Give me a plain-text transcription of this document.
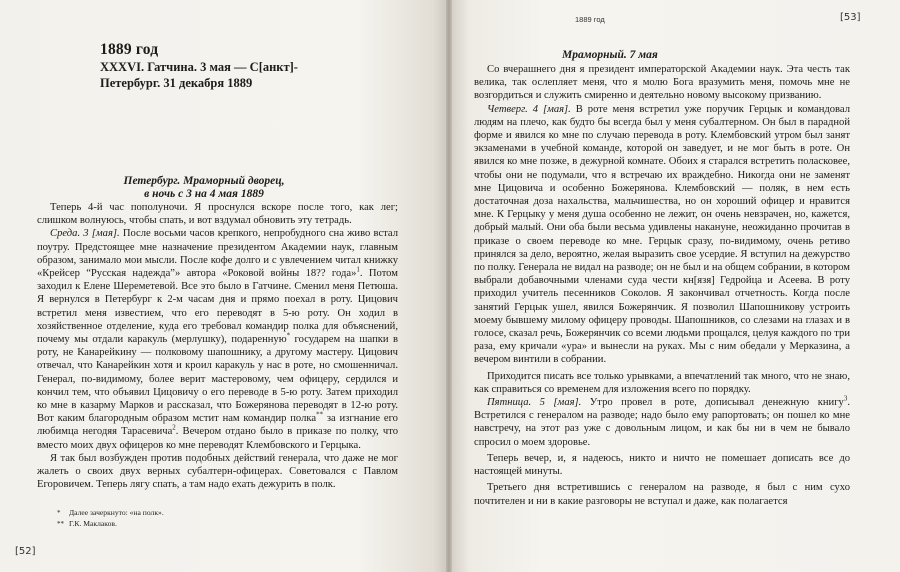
1889 год
XXXVI. Гатчина. 3 мая — С[анкт]-Петербург. 31 декабря 1889
Петербург. Мраморный дворец,
в ночь с 3 на 4 мая 1889

Теперь 4-й час пополуночи. Я проснулся вскоре после того, как лег; слишком волнуюсь, чтобы спать, и вот вздумал обновить эту тетрадь.

Среда. 3 [мая]. После восьми часов крепкого, непробудного сна живо встал поутру. Предстоящее мне назначение президентом Академии наук, главным образом, занимало мои мысли. После кофе долго и с увлечением читал книжку «Крейсер “Русская надежда”» автора «Роковой войны 18?? года»$^1$. Потом заходил к Елене Шереметевой. Все это было в Гатчине. Сменил меня Петюша. Я вернулся в Петербург к 2-м часам дня и прямо поехал в роту. Цицович встретил меня известием, что его переводят в 5-ю роту. Он ходил в хозяйственное отделение, куда его требовал командир полка для объяснений, почему мы отдали каракуль (мерлушку), подаренную* государем на шапки в роту, не Канарейкину — полковому шапошнику, а другому мастеру. Цицович отвечал, что Канарейкин хотя и кроил каракуль у нас в роте, но смошенничал. Генерал, по-видимому, более верит мастеровому, чем офицеру, сердился и кончил тем, что объявил Цицовичу о его переводе в 5-ю роту. Затем приходил ко мне в казарму Марков и рассказал, что Божерянова переводят в 12-ю роту. Вот каким благородным образом мстит нам командир полка** за изгнание его любимца негодяя Тарасевича$^2$. Вечером отдано было в приказе по полку, что вместо моих двух офицеров ко мне переводят Клембовского и Герцыка.

Я так был возбужден против подобных действий генерала, что даже не мог жалеть о своих двух верных субалтерн-офицерах. Советовался с Павлом Егоровичем. Теперь лягу спать, а там надо ехать дежурить в полк.

* Далее зачеркнуто: «на полк».
** Г.К. Маклаков.
[52]
1889 год	[53]
Мраморный. 7 мая

Со вчерашнего дня я президент императорской Академии наук. Эта честь так велика, так ослепляет меня, что я молю Бога вразумить меня, помочь мне не возгордиться и служить смиренно и деятельно новому высокому призванию.

Четверг. 4 [мая]. В роте меня встретил уже поручик Герцык и командовал людям на плечо, как будто бы всегда был у меня субалтерном. Он был в парадной форме и явился ко мне по случаю перевода в роту. Клембовский утром был занят экзаменами в учебной команде, которой он заведует, и не мог быть в роте. Он явился ко мне позже, в дежурной комнате. Обоих я старался встретить поласковее, чтобы они не подумали, что я встречаю их враждебно. Никогда они не заменят мне Цицовича и особенно Божерянова. Клембовский — поляк, в нем есть достаточная доза нахальства, мальчишества, но он хороший офицер и нравится мне. К Герцыку у меня душа особенно не лежит, он очень невзрачен, но, кажется, добрый малый. Они оба были весьма удивлены накануне, неожиданно прочитав в приказе о своем переводе ко мне. Герцык сразу, по-видимому, очень ретиво принялся за дело, вероятно, желая выразить свое усердие. Я вступил на дежурство по полку. Генерала не видал на разводе; он не был и на общем собрании, в котором выбрали добавочными членами суда чести кн[язя] Гедройца и Асеева. В роту приходил учитель песенников Соколов. Я закончивал отчетность. Когда после занятий Герцык ушел, явился Божерянчик. Я позволил Шапошникову устроить моему бывшему милому офицеру проводы. Шапошников, со слезами на глазах и в голосе, сказал речь, Божерянчик со всеми людьми прощался, целуя каждого по три раза, ему кричали «ура» и вынесли на руках. Мы с ним обедали у Мерказина, а вечером винтили в собрании.

Приходится писать все только урывками, а впечатлений так много, что не знаю, как справиться со временем для изложения всего по порядку.

Пятница. 5 [мая]. Утро провел в роте, дописывал денежную книгу$^3$. Встретился с генералом на разводе; надо было ему рапортовать; он пошел ко мне навстречу, на этот раз уже с довольным лицом, и как бы ни в чем не бывало спросил о моем здоровье.

Теперь вечер, и, я надеюсь, никто и ничто не помешает дописать все до настоящей минуты.

Третьего дня встретившись с генералом на разводе, я был с ним сухо почтителен и ни в какие разговоры не вступал и даже, как полагается
